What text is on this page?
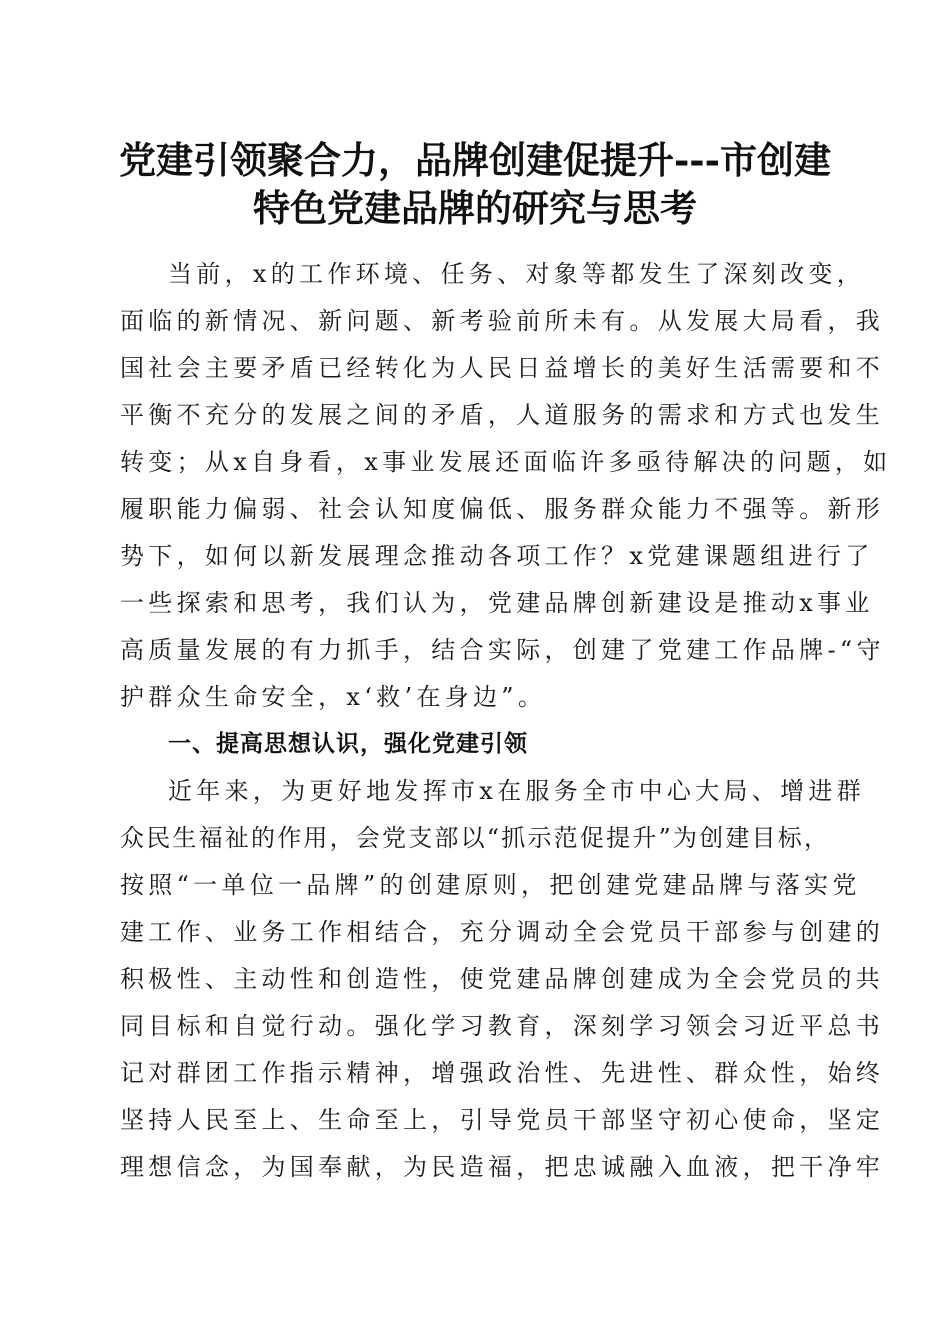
党建引领聚合力，品牌创建促提升---市创建
特色党建品牌的研究与思考
当前，x的工作环境、任务、对象等都发生了深刻改变，
面临的新情况、新问题、新考验前所未有。从发展大局看，我
国社会主要矛盾已经转化为人民日益增长的美好生活需要和不
平衡不充分的发展之间的矛盾，人道服务的需求和方式也发生
转变；从x自身看，x事业发展还面临许多亟待解决的问题，如
履职能力偏弱、社会认知度偏低、服务群众能力不强等。新形
势下，如何以新发展理念推动各项工作？x党建课题组进行了
一些探索和思考，我们认为，党建品牌创新建设是推动x事业
高质量发展的有力抓手，结合实际，创建了党建工作品牌-“守
护群众生命安全，x‘救’在身边”。
一、提高思想认识，强化党建引领
近年来，为更好地发挥市x在服务全市中心大局、增进群
众民生福祉的作用，会党支部以“抓示范促提升”为创建目标，
按照“一单位一品牌”的创建原则，把创建党建品牌与落实党
建工作、业务工作相结合，充分调动全会党员干部参与创建的
积极性、主动性和创造性，使党建品牌创建成为全会党员的共
同目标和自觉行动。强化学习教育，深刻学习领会习近平总书
记对群团工作指示精神，增强政治性、先进性、群众性，始终
坚持人民至上、生命至上，引导党员干部坚守初心使命，坚定
理想信念，为国奉献，为民造福，把忠诚融入血液，把干净牢
